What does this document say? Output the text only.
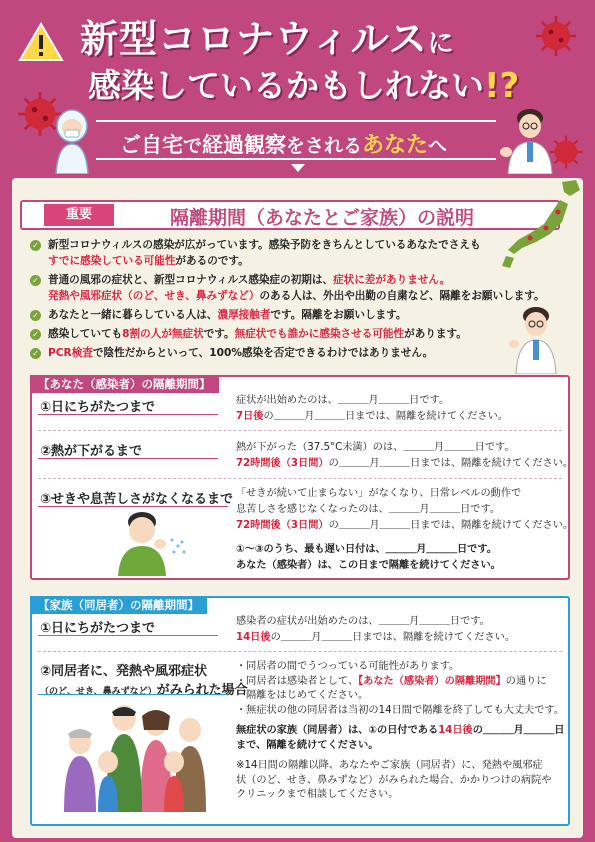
新型コロナウィルスに
感染しているかもしれない!?
ご自宅で経過観察をされるあなたへ
重要	隔離期間（あなたとご家族）の説明
✓ 新型コロナウィルスの感染が広がっています。感染予防をきちんとしているあなたでさえも
すでに感染している可能性があるのです。
✓ 普通の風邪の症状と、新型コロナウィルス感染症の初期は、症状に差がありません。
発熱や風邪症状（のど、せき、鼻みずなど）のある人は、外出や出勤の自粛など、隔離をお願いします。
✓ あなたと一緒に暮らしている人は、濃厚接触者です。隔離をお願いします。
✓ 感染していても8割の人が無症状です。無症状でも誰かに感染させる可能性があります。
✓ PCR検査で陰性だからといって、100%感染を否定できるわけではありません。
【あなた（感染者）の隔離期間】
①日にちがたつまで	症状が出始めたのは、＿＿＿月＿＿＿日です。
7日後の＿＿＿月＿＿＿日までは、隔離を続けてください。
②熱が下がるまで	熱が下がった（37.5°C未満）のは、＿＿＿月＿＿＿日です。
72時間後（3日間）の＿＿＿月＿＿＿日までは、隔離を続けてください。
③せきや息苦しさがなくなるまで 「せきが続いて止まらない」がなくなり、日常レベルの動作で
息苦しさを感じなくなったのは、＿＿＿月＿＿＿日です。
72時間後（3日間）の＿＿＿月＿＿＿日までは、隔離を続けてください。
①～③のうち、最も遅い日付は、＿＿＿月＿＿＿日です。
あなた（感染者）は、この日まで隔離を続けてください。
【家族（同居者）の隔離期間】
①日にちがたつまで	感染者の症状が出始めたのは、＿＿＿月＿＿＿日です。
14日後の＿＿＿月＿＿＿日までは、隔離を続けてください。
②同居者に、発熱や風邪症状
（のど、せき、鼻みずなど）がみられた場合
・同居者の間でうつっている可能性があります。
・同居者は感染者として、【あなた（感染者）の隔離期間】の通りに
隔離をはじめてください。
・無症状の他の同居者は当初の14日間で隔離を終了しても大丈夫です。
無症状の家族（同居者）は、①の日付である14日後の＿＿＿月＿＿＿日
まで、隔離を続けてください。
※14日間の隔離以降、あなたやご家族（同居者）に、発熱や風邪症
状（のど、せき、鼻みずなど）がみられた場合、かかりつけの病院や
クリニックまで相談してください。
